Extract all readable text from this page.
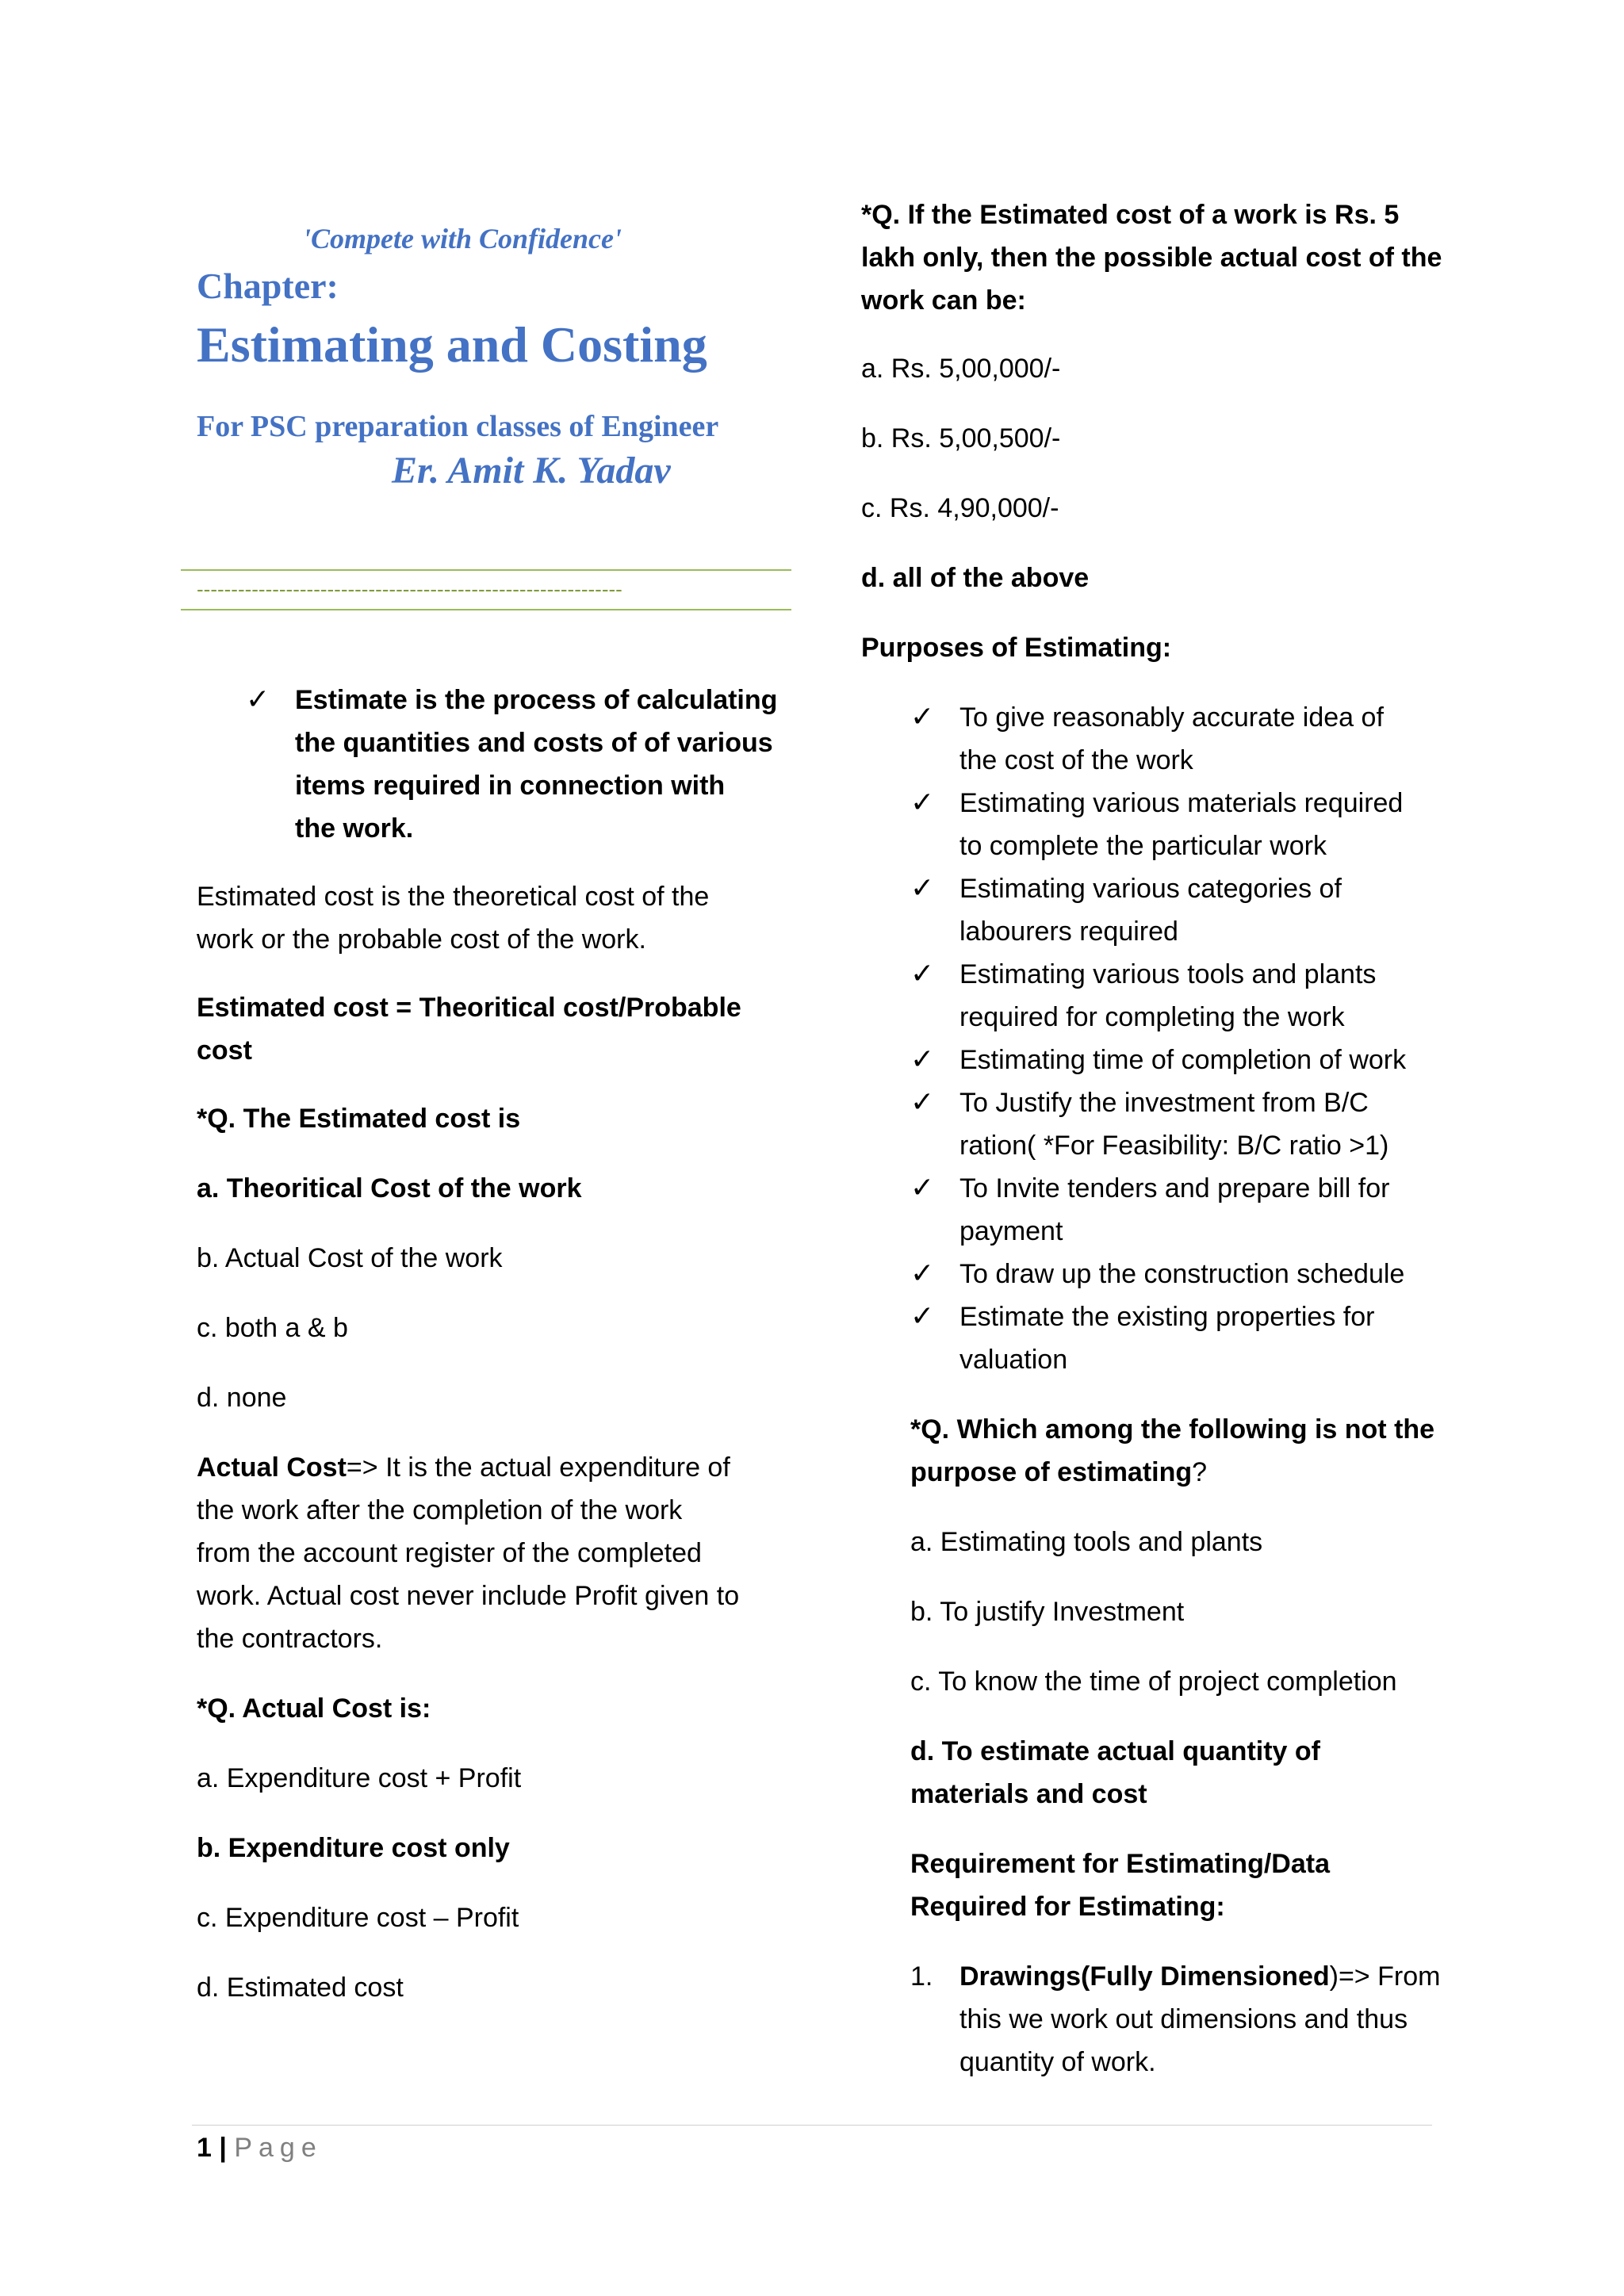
'Compete with Confidence'
Chapter:
Estimating and Costing
For PSC preparation classes of Engineer
Er. Amit K. Yadav
--------------------------------------------------------------
✓ Estimate is the process of calculating

the quantities and costs of of various

items required in connection with

the work.

Estimated cost is the theoretical cost of the

work or the probable cost of the work.

Estimated cost = Theoritical cost/Probable

cost

*Q. The Estimated cost is

a. Theoritical Cost of the work

b. Actual Cost of the work

c. both a & b

d. none

Actual Cost=> It is the actual expenditure of

the work after the completion of the work

from the account register of the completed

work. Actual cost never include Profit given to

the contractors.

*Q. Actual Cost is:

a. Expenditure cost + Profit

b. Expenditure cost only

c. Expenditure cost – Profit

d. Estimated cost

*Q. If the Estimated cost of a work is Rs. 5

lakh only, then the possible actual cost of the

work can be:

a. Rs. 5,00,000/-

b. Rs. 5,00,500/-

c. Rs. 4,90,000/-

d. all of the above

Purposes of Estimating:

✓ To give reasonably accurate idea of

the cost of the work

✓ Estimating various materials required

to complete the particular work

✓ Estimating various categories of

labourers required

✓ Estimating various tools and plants

required for completing the work

✓ Estimating time of completion of work

✓ To Justify the investment from B/C

ration( *For Feasibility: B/C ratio >1)

✓ To Invite tenders and prepare bill for

payment

✓ To draw up the construction schedule

✓ Estimate the existing properties for

valuation

*Q. Which among the following is not the

purpose of estimating?

a. Estimating tools and plants

b. To justify Investment

c. To know the time of project completion

d. To estimate actual quantity of

materials and cost

Requirement for Estimating/Data

Required for Estimating:

1. Drawings(Fully Dimensioned)=> From

this we work out dimensions and thus

quantity of work.

1 | Page
